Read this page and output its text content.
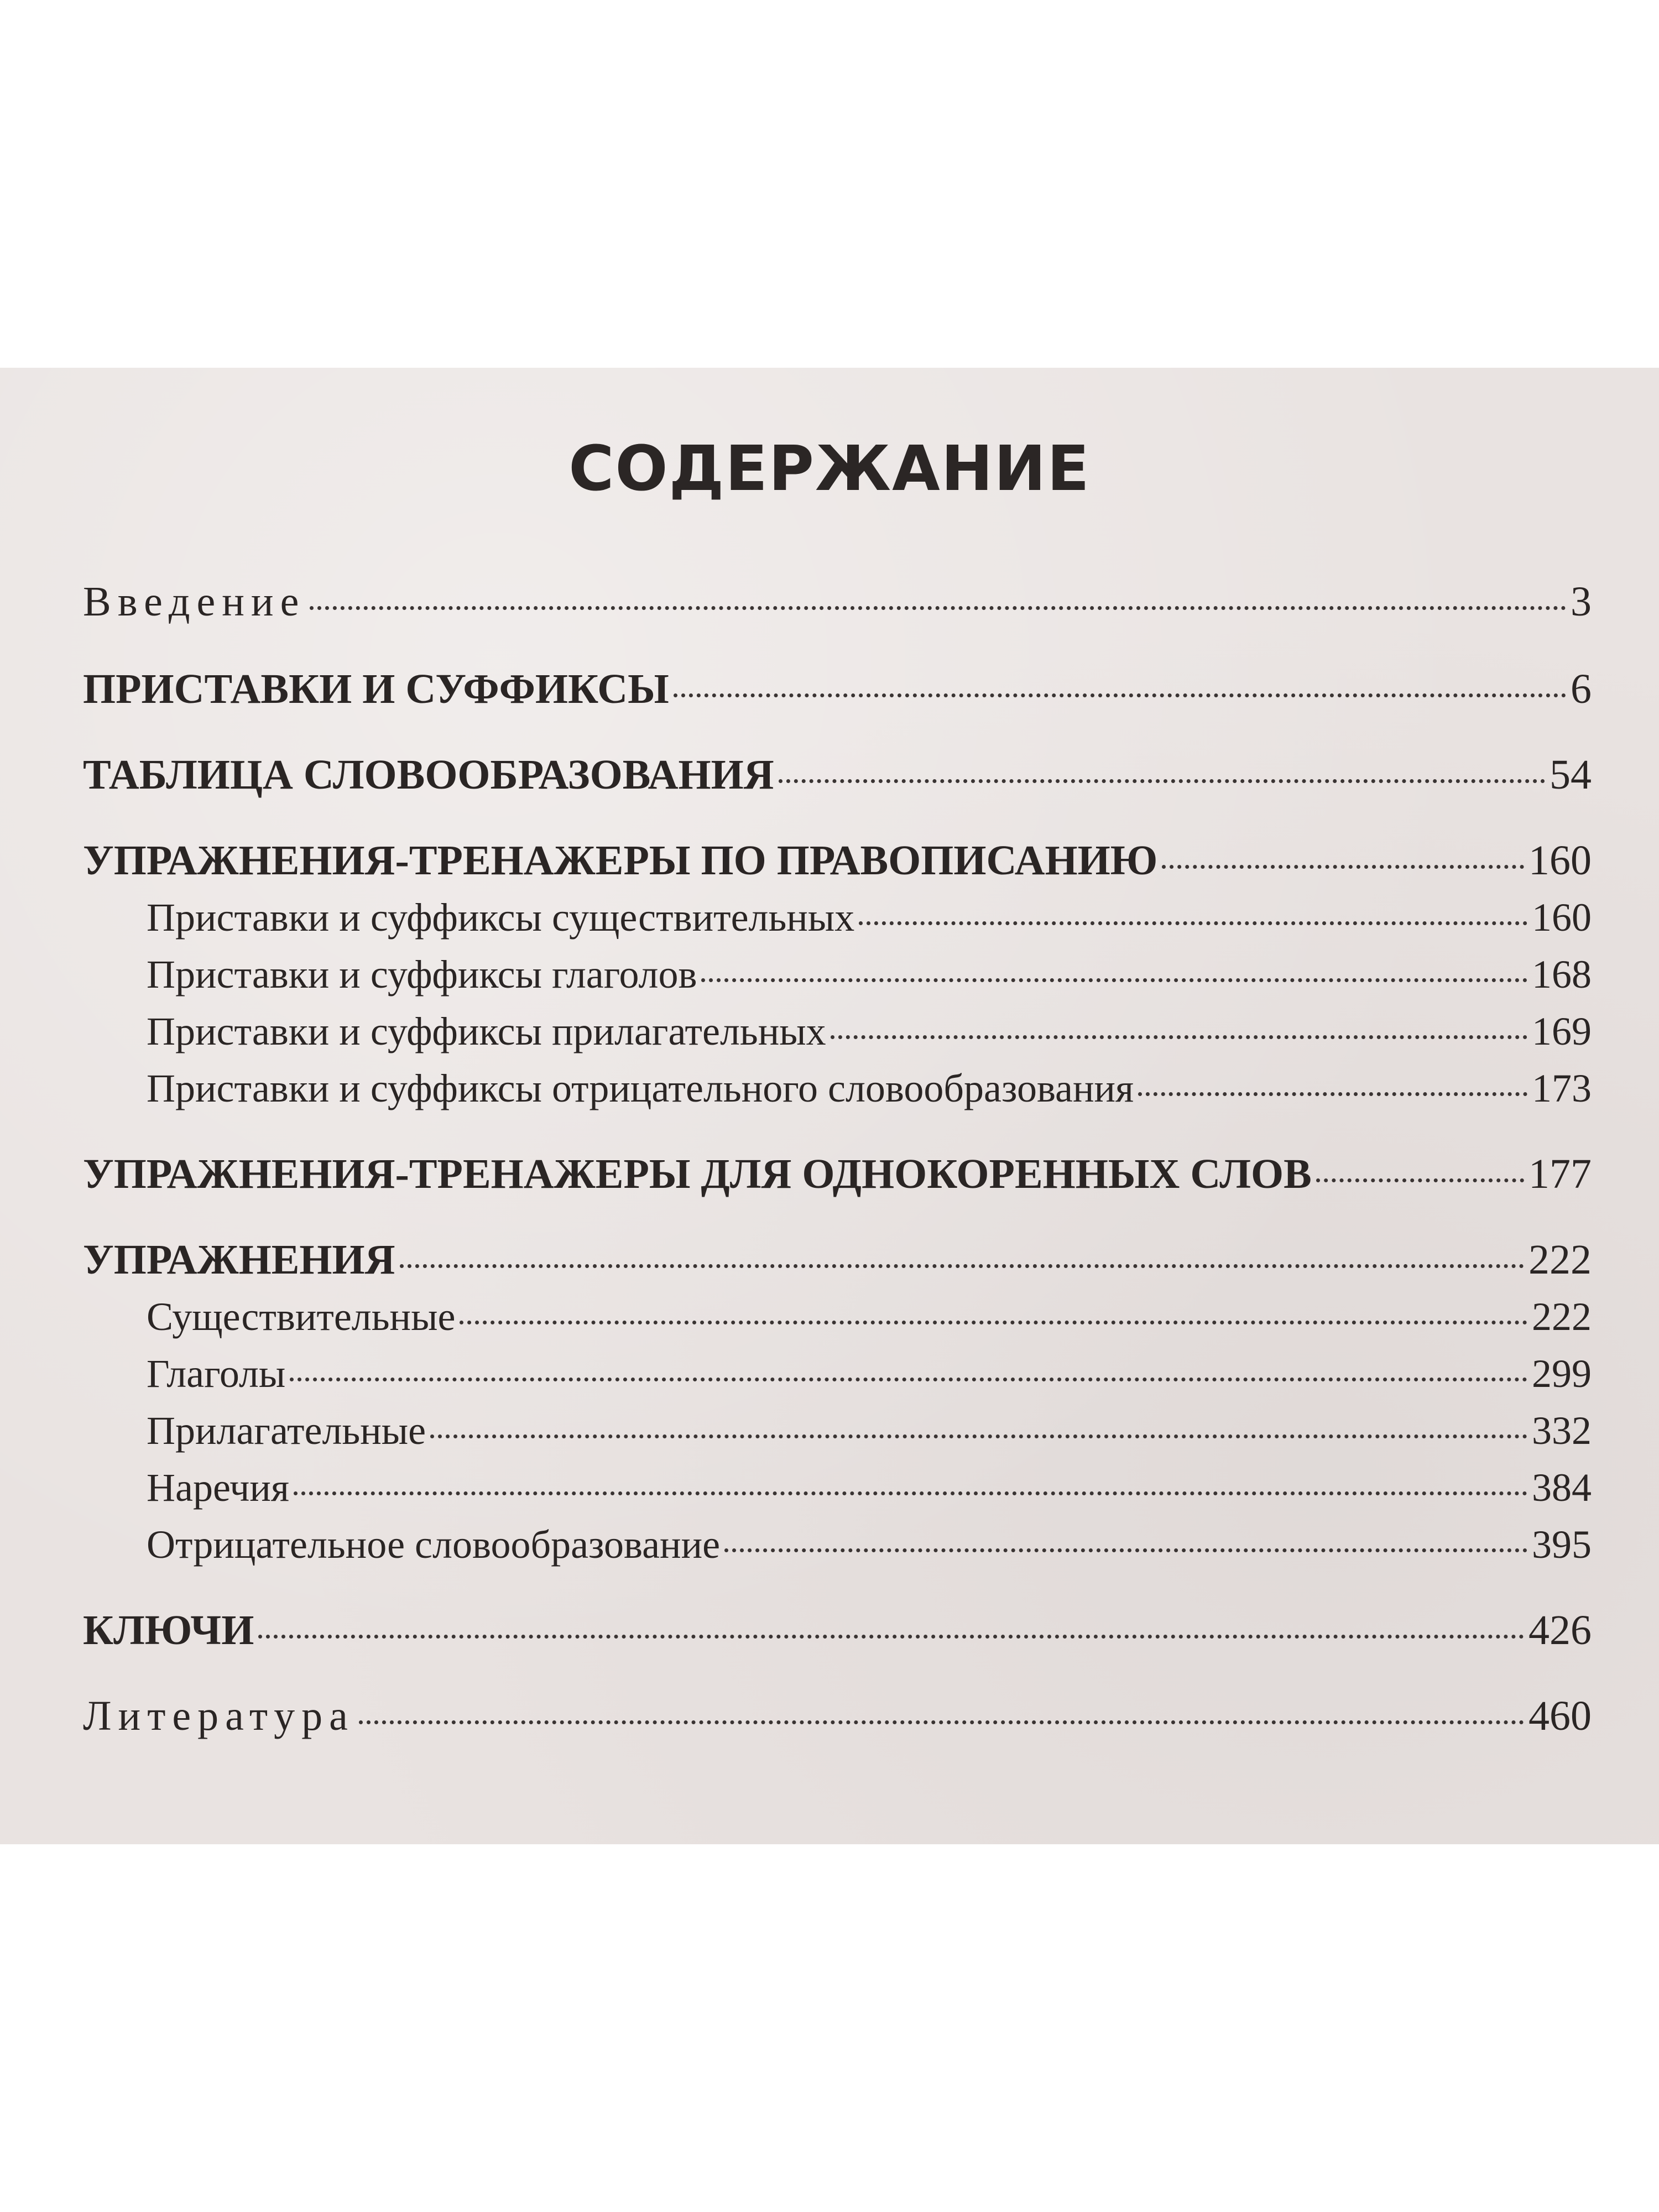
СОДЕРЖАНИЕ
Введение	3
ПРИСТАВКИ И СУФФИКСЫ	6
ТАБЛИЦА СЛОВООБРАЗОВАНИЯ	54
УПРАЖНЕНИЯ-ТРЕНАЖЕРЫ ПО ПРАВОПИСАНИЮ	160
Приставки и суффиксы существительных	160
Приставки и суффиксы глаголов	168
Приставки и суффиксы прилагательных	169
Приставки и суффиксы отрицательного словообразования	173
УПРАЖНЕНИЯ-ТРЕНАЖЕРЫ ДЛЯ ОДНОКОРЕННЫХ СЛОВ	177
УПРАЖНЕНИЯ	222
Существительные	222
Глаголы	299
Прилагательные	332
Наречия	384
Отрицательное словообразование	395
КЛЮЧИ	426
Литература	460
